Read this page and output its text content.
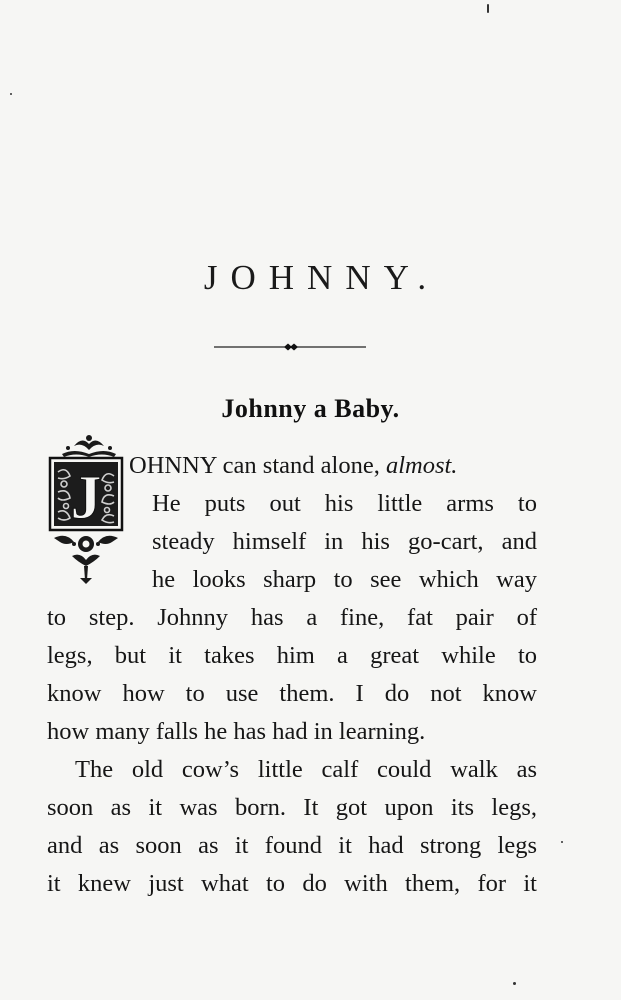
JOHNNY.
Johnny a Baby.
J OHNNY can stand alone, almost.
He puts out his little arms to
steady himself in his go-cart, and
he looks sharp to see which way
to step. Johnny has a fine, fat pair of
legs, but it takes him a great while to
know how to use them. I do not know
how many falls he has had in learning.
The old cow’s little calf could walk as
soon as it was born. It got upon its legs,
and as soon as it found it had strong legs
it knew just what to do with them, for it
